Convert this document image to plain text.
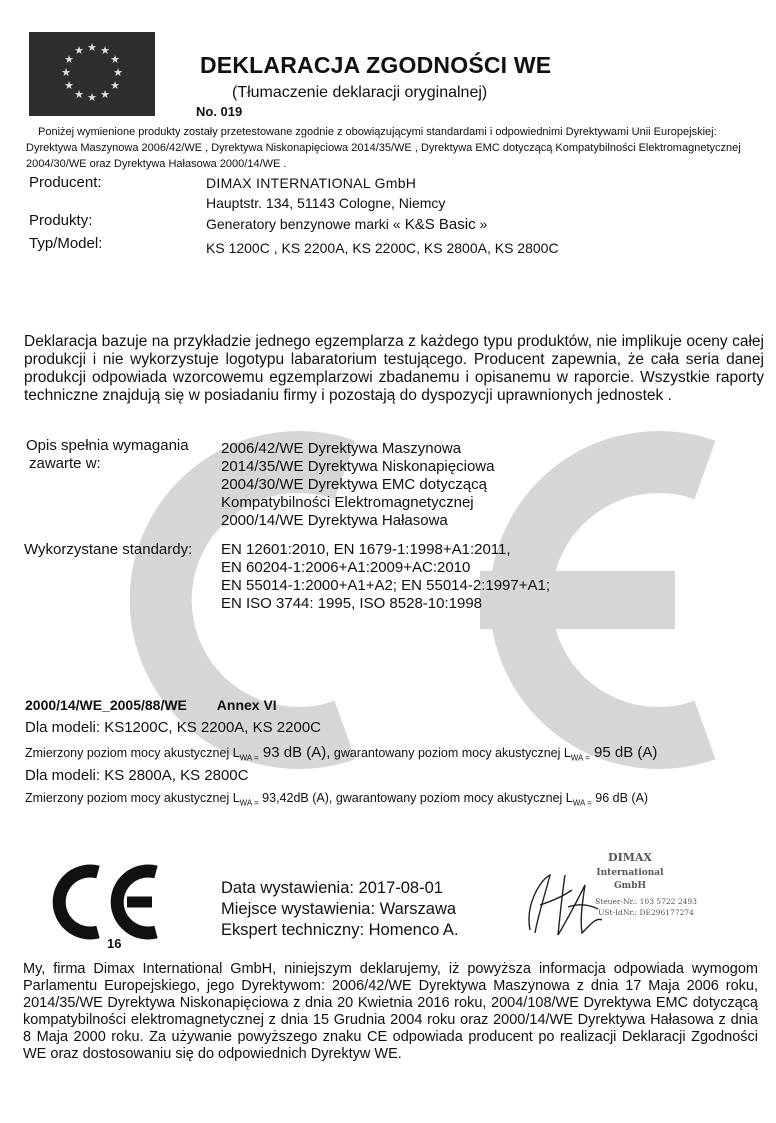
★ ★
★
★
★
★
★
★
★
★
★
★
DEKLARACJA ZGODNOŚCI WE
(Tłumaczenie deklaracji oryginalnej)
No. 019
Poniżej wymienione produkty zostały przetestowane zgodnie z obowiązującymi standardami i odpowiednimi Dyrektywami Unii Europejskiej: Dyrektywa Maszynowa 2006/42/WE , Dyrektywa Niskonapięciowa 2014/35/WE , Dyrektywa EMC dotyczącą Kompatybilności Elektromagnetycznej 2004/30/WE oraz Dyrektywa Hałasowa 2000/14/WE .
Producent:	DIMAX INTERNATIONAL GmbH
Hauptstr. 134, 51143 Cologne, Niemcy
Produkty:	Generatory benzynowe marki « K&S Basic »
Typ/Model:	KS 1200C , KS 2200A, KS 2200C, KS 2800A, KS 2800C
Deklaracja bazuje na przykładzie jednego egzemplarza z każdego typu produktów, nie implikuje oceny całej produkcji i nie wykorzystuje logotypu labaratorium testującego. Producent zapewnia, że cała seria danej produkcji odpowiada wzorcowemu egzemplarzowi zbadanemu i opisanemu w raporcie. Wszystkie raporty techniczne znajdują się w posiadaniu firmy i pozostają do dyspozycji uprawnionych jednostek .
Opis spełnia wymagania
zawarte w:
2006/42/WE Dyrektywa Maszynowa
2014/35/WE Dyrektywa Niskonapięciowa
2004/30/WE Dyrektywa EMC dotyczącą
Kompatybilności Elektromagnetycznej
2000/14/WE Dyrektywa Hałasowa
Wykorzystane standardy: EN 12601:2010, EN 1679-1:1998+A1:2011,
EN 60204-1:2006+A1:2009+AC:2010
EN 55014-1:2000+A1+A2; EN 55014-2:1997+A1;
EN ISO 3744: 1995, ISO 8528-10:1998
2000/14/WE_2005/88/WE Annex VI
Dla modeli: KS1200C, KS 2200A, KS 2200C
Zmierzony poziom mocy akustycznej $L_{WA =}$ 93 dB (A), gwarantowany poziom mocy akustycznej $L_{WA =}$ 95 dB (A)
Dla modeli: KS 2800A, KS 2800C
Zmierzony poziom mocy akustycznej $L_{WA =}$ 93,42dB (A), gwarantowany poziom mocy akustycznej $L_{WA =}$ 96 dB (A)
16
Data wystawienia: 2017-08-01
Miejsce wystawienia: Warszawa
Ekspert techniczny: Homenco A.
DIMAX
International
GmbH
Steuer-Nr.: 103 5722 2493
USt-IdNr.: DE296177274
My, firma Dimax International GmbH, niniejszym deklarujemy, iż powyższa informacja odpowiada wymogom Parlamentu Europejskiego, jego Dyrektywom: 2006/42/WE Dyrektywa Maszynowa z dnia 17 Maja 2006 roku, 2014/35/WE Dyrektywa Niskonapięciowa z dnia 20 Kwietnia 2016 roku, 2004/108/WE Dyrektywa EMC dotyczącą kompatybilności elektromagnetycznej z dnia 15 Grudnia 2004 roku oraz 2000/14/WE Dyrektywa Hałasowa z dnia 8 Maja 2000 roku. Za używanie powyższego znaku CE odpowiada producent po realizacji Deklaracji Zgodności WE oraz dostosowaniu się do odpowiednich Dyrektyw WE.
